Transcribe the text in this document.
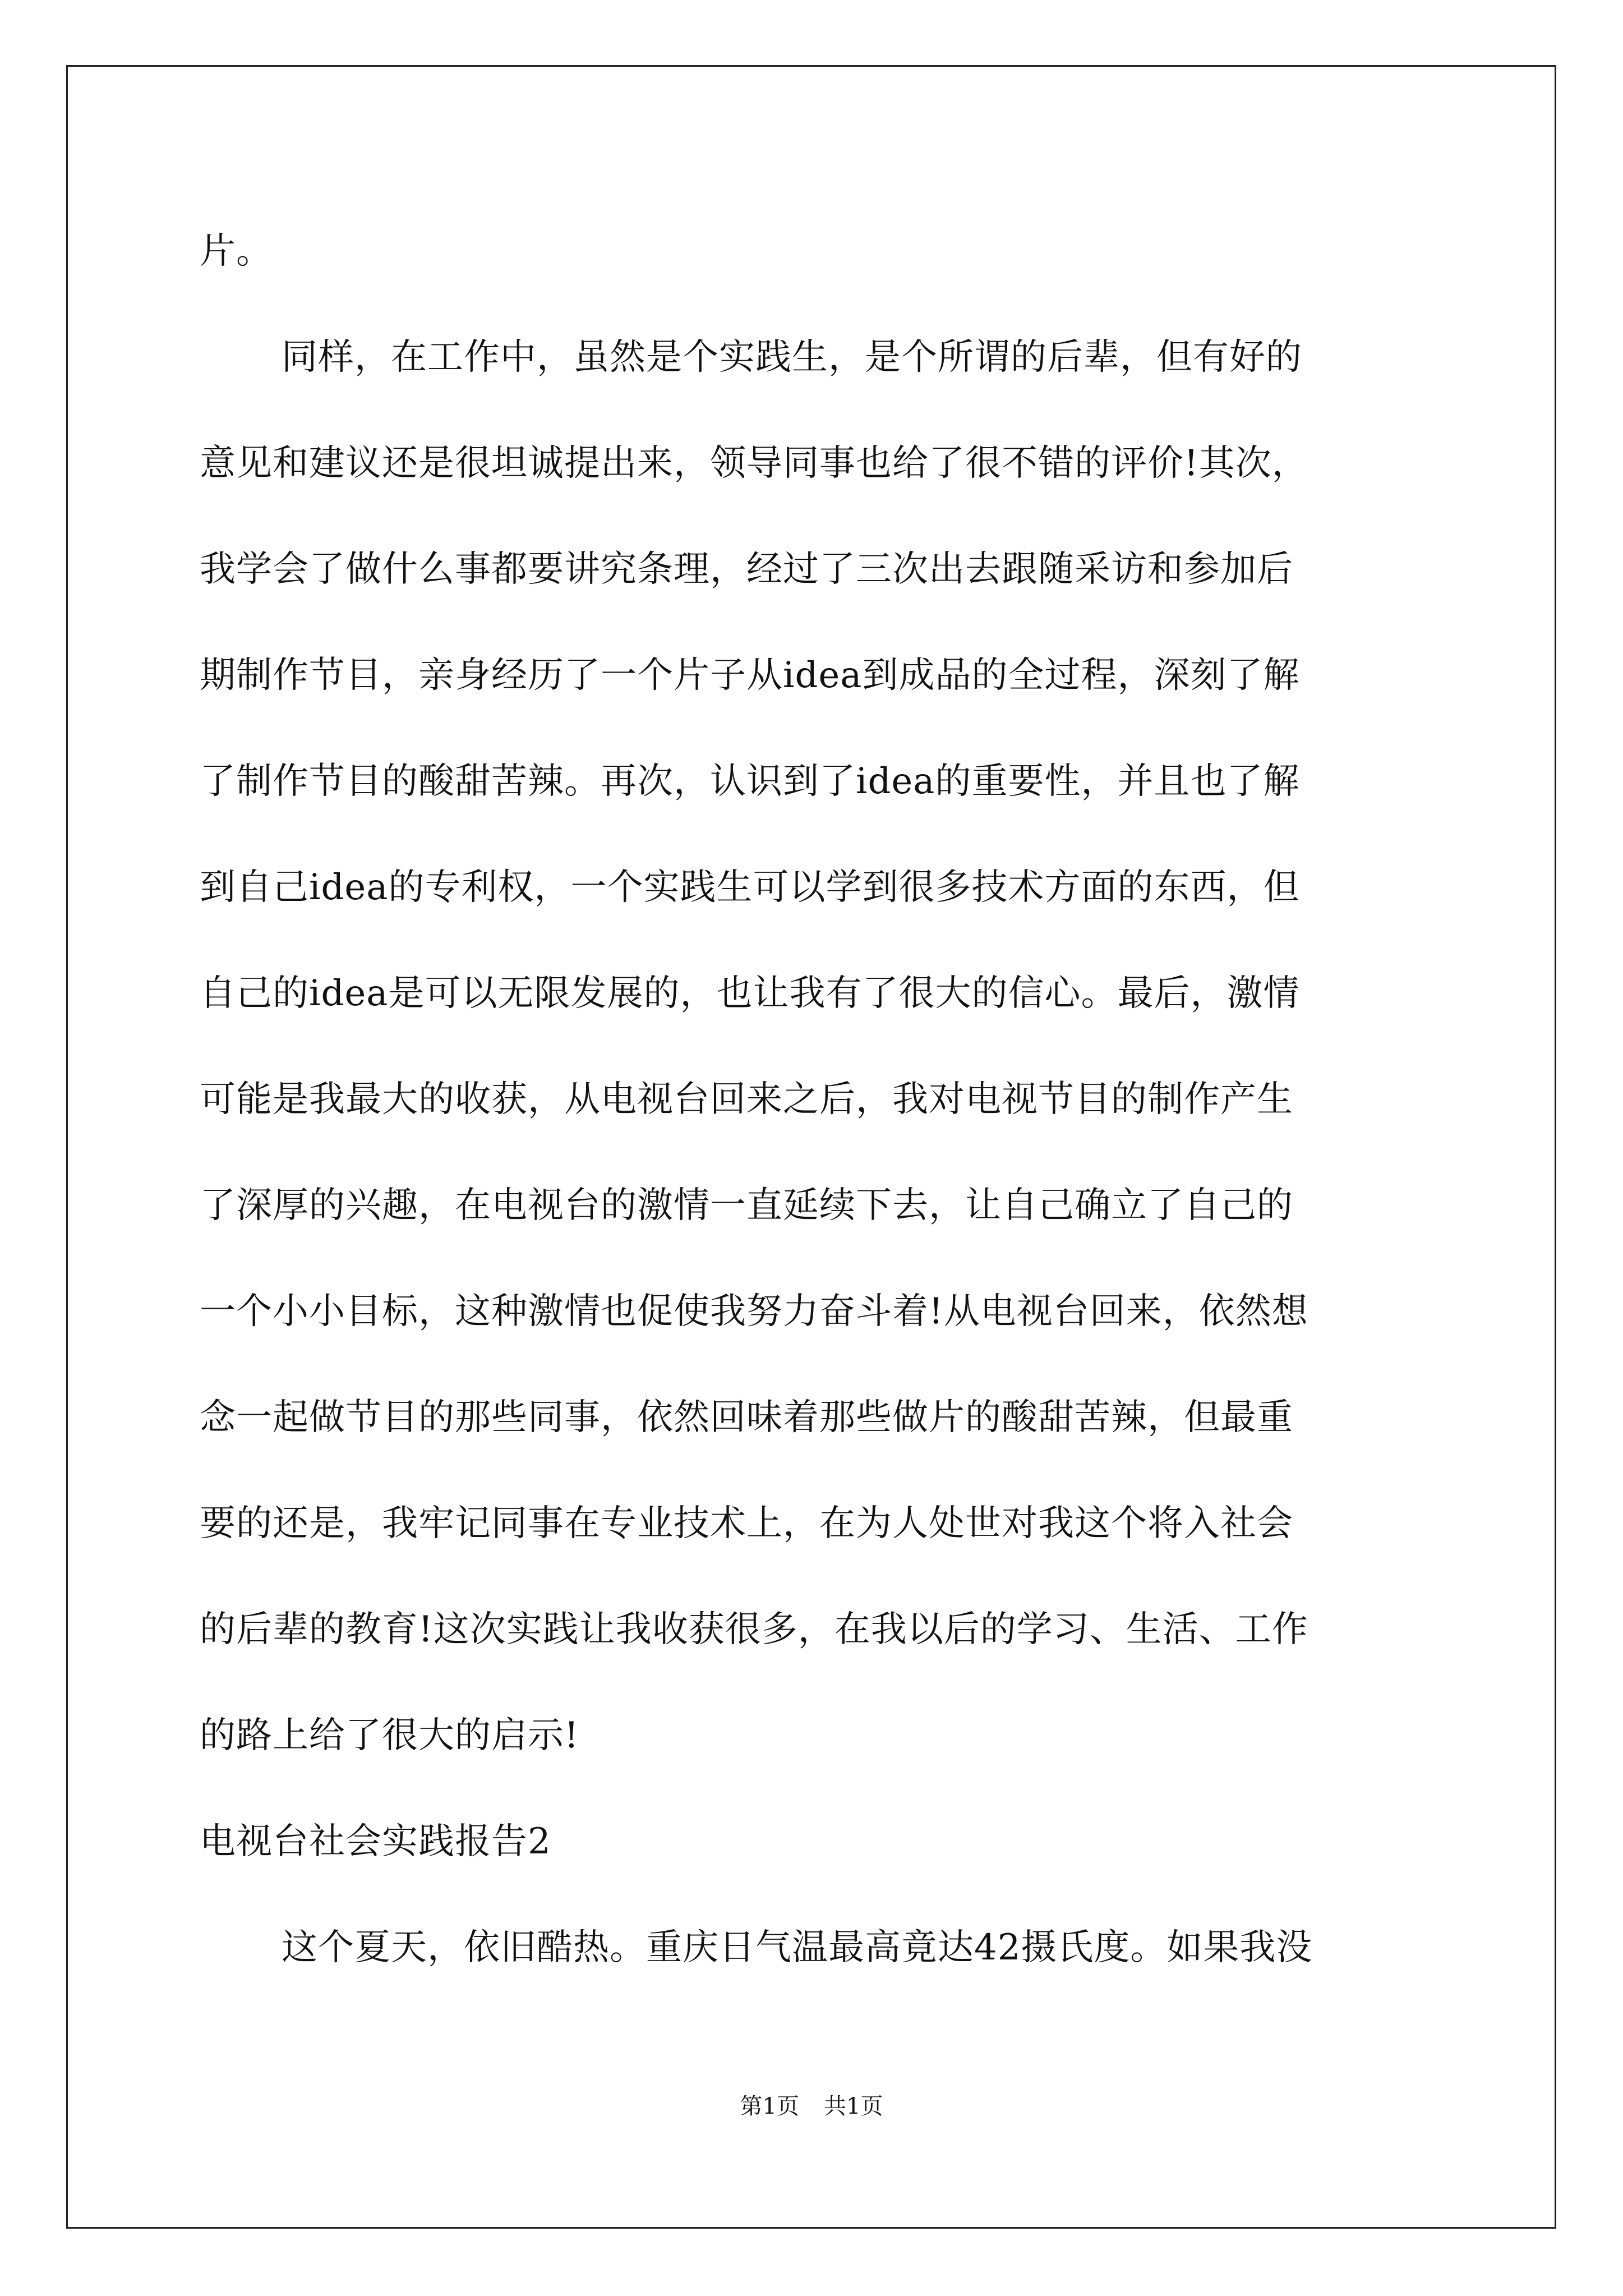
片。

同样，在工作中，虽然是个实践生，是个所谓的后辈，但有好的

意见和建议还是很坦诚提出来，领导同事也给了很不错的评价!其次，

我学会了做什么事都要讲究条理，经过了三次出去跟随采访和参加后

期制作节目，亲身经历了一个片子从idea到成品的全过程，深刻了解

了制作节目的酸甜苦辣。再次，认识到了idea的重要性，并且也了解

到自己idea的专利权，一个实践生可以学到很多技术方面的东西，但

自己的idea是可以无限发展的，也让我有了很大的信心。最后，激情

可能是我最大的收获，从电视台回来之后，我对电视节目的制作产生

了深厚的兴趣，在电视台的激情一直延续下去，让自己确立了自己的

一个小小目标，这种激情也促使我努力奋斗着!从电视台回来，依然想

念一起做节目的那些同事，依然回味着那些做片的酸甜苦辣，但最重

要的还是，我牢记同事在专业技术上，在为人处世对我这个将入社会

的后辈的教育!这次实践让我收获很多，在我以后的学习、生活、工作

的路上给了很大的启示!

电视台社会实践报告2

这个夏天，依旧酷热。重庆日气温最高竟达42摄氏度。如果我没

第1页 共1页
